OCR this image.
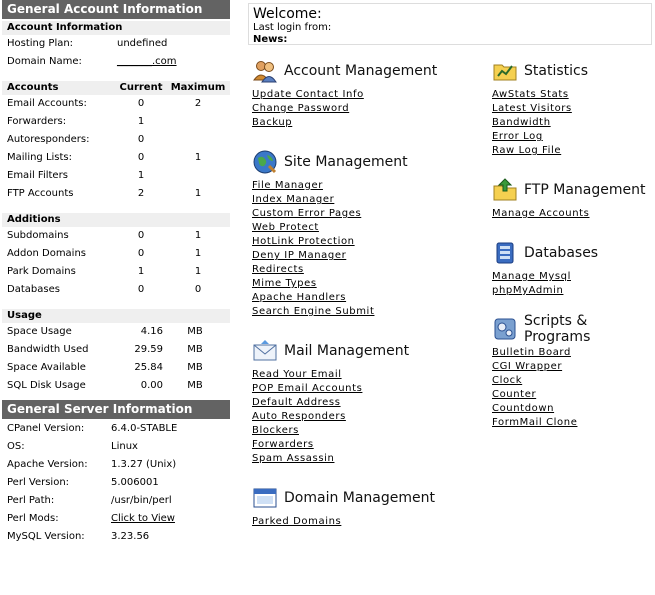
General Account Information
Account Information
Hosting Plan:	undefined
Domain Name:	_______.com
Accounts	Current Maximum
Email Accounts:	0	2
Forwarders:	1
Autoresponders:	0
Mailing Lists:	0	1
Email Filters	1
FTP Accounts	2	1
Additions
Subdomains	0	1
Addon Domains	0	1
Park Domains	1	1
Databases	0	0
Usage
Space Usage	4.16	MB
Bandwidth Used	29.59	MB
Space Available	25.84	MB
SQL Disk Usage	0.00	MB
General Server Information
CPanel Version:	6.4.0-STABLE
OS:	Linux
Apache Version:	1.3.27 (Unix)
Perl Version:	5.006001
Perl Path:	/usr/bin/perl
Perl Mods:	Click to View
MySQL Version:	3.23.56
Welcome:
Last login from:
News:
Account Management
Update Contact Info
Change Password
Backup
Site Management
File Manager
Index Manager
Custom Error Pages
Web Protect
HotLink Protection
Deny IP Manager
Redirects
Mime Types
Apache Handlers
Search Engine Submit
Mail Management
Read Your Email
POP Email Accounts
Default Address
Auto Responders
Blockers
Forwarders
Spam Assassin
Domain Management
Parked Domains
Statistics
AwStats Stats
Latest Visitors
Bandwidth
Error Log
Raw Log File
FTP Management
Manage Accounts
Databases
Manage Mysql
phpMyAdmin
Scripts & Programs
Bulletin Board
CGI Wrapper
Clock
Counter
Countdown
FormMail Clone
